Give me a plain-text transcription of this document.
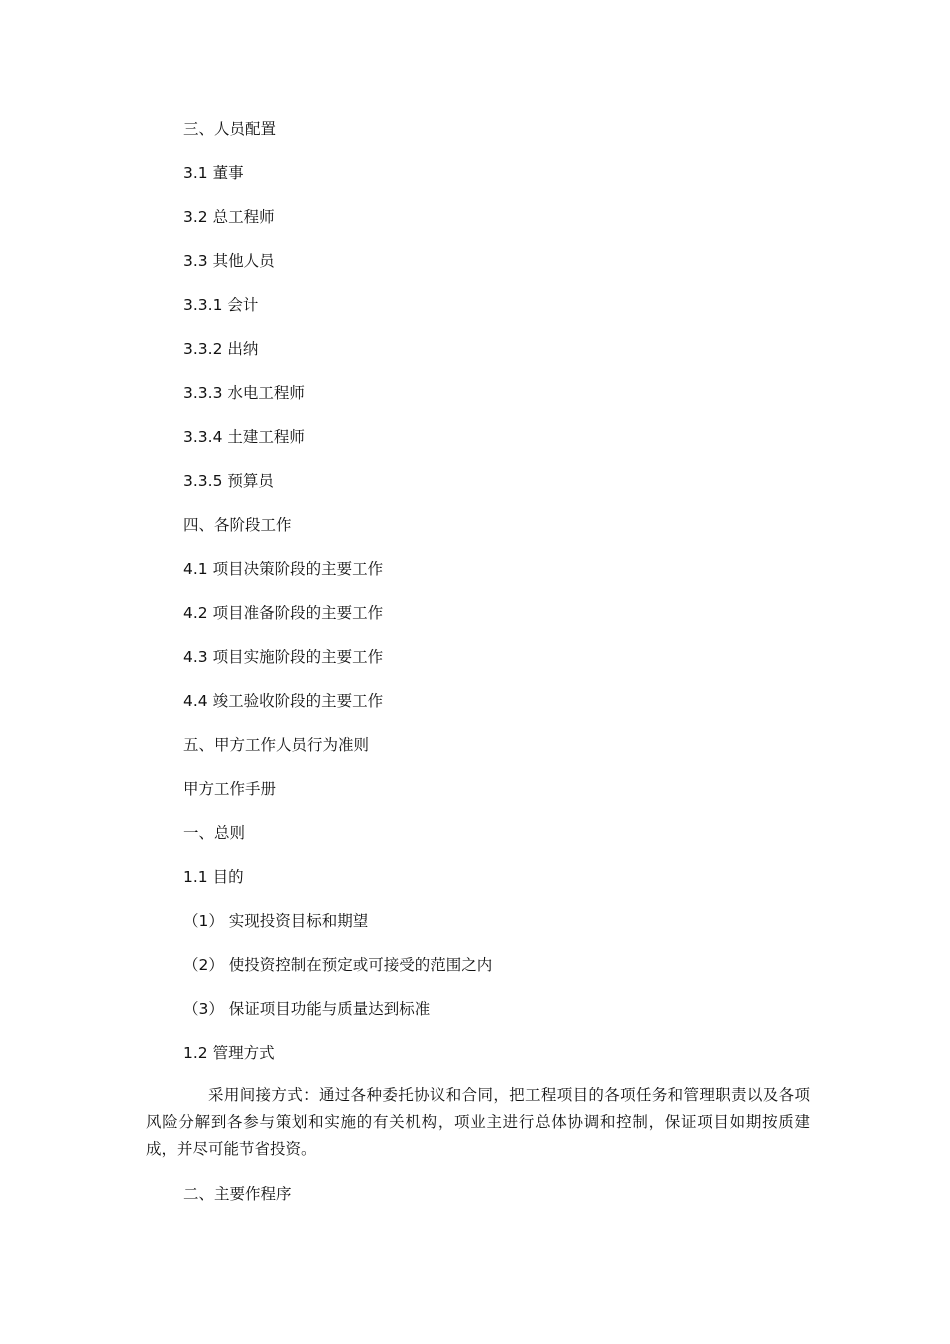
三、人员配置
3.1 董事
3.2 总工程师
3.3 其他人员
3.3.1 会计
3.3.2 出纳
3.3.3 水电工程师
3.3.4 土建工程师
3.3.5 预算员
四、各阶段工作
4.1 项目决策阶段的主要工作
4.2 项目准备阶段的主要工作
4.3 项目实施阶段的主要工作
4.4 竣工验收阶段的主要工作
五、甲方工作人员行为准则
甲方工作手册
一、总则
1.1 目的
（1） 实现投资目标和期望
（2） 使投资控制在预定或可接受的范围之内
（3） 保证项目功能与质量达到标准
1.2 管理方式
采用间接方式：通过各种委托协议和合同，把工程项目的各项任务和管理职责以及各项风险分解到各参与策划和实施的有关机构，项业主进行总体协调和控制，保证项目如期按质建成，并尽可能节省投资。
二、主要作程序
